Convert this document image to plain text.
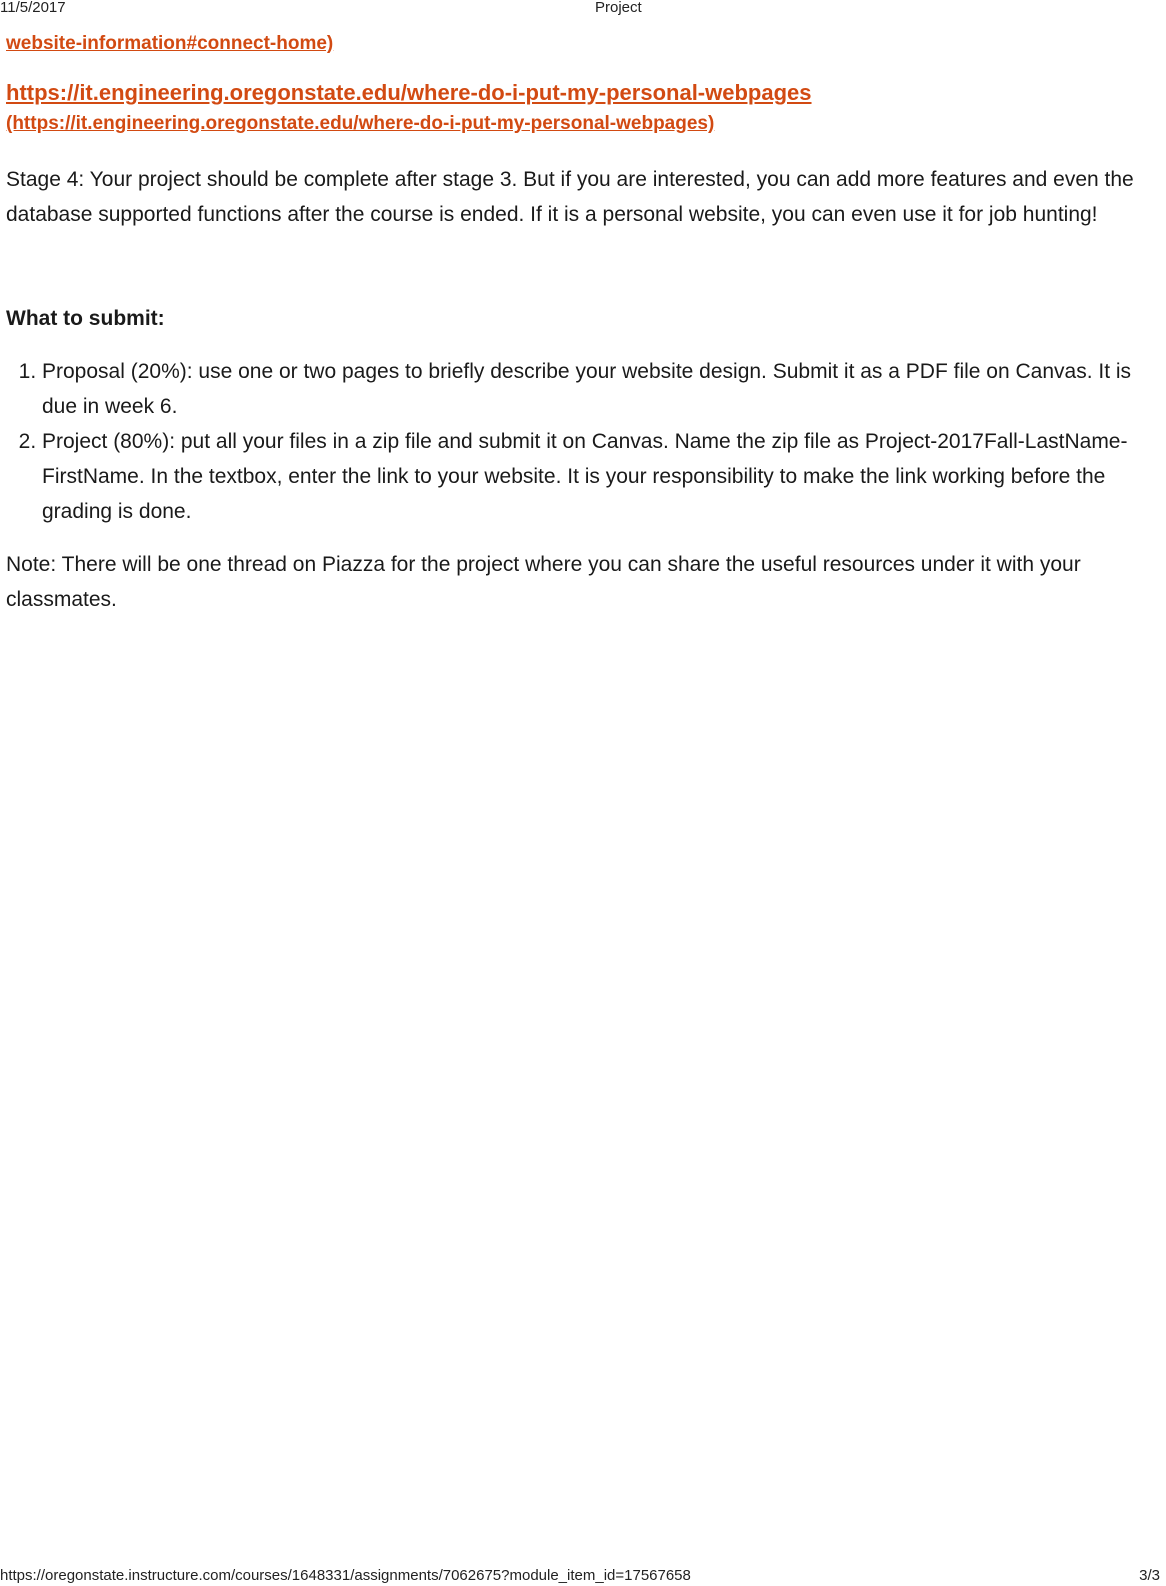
11/5/2017	Project
website-information#connect-home)
https://it.engineering.oregonstate.edu/where-do-i-put-my-personal-webpages
(https://it.engineering.oregonstate.edu/where-do-i-put-my-personal-webpages)

Stage 4: Your project should be complete after stage 3. But if you are interested, you can add more features and even the database supported functions after the course is ended. If it is a personal website, you can even use it for job hunting!

What to submit:

1. Proposal (20%): use one or two pages to briefly describe your website design. Submit it as a PDF file on Canvas. It is due in week 6.
2. Project (80%): put all your files in a zip file and submit it on Canvas. Name the zip file as Project-2017Fall-LastName-FirstName. In the textbox, enter the link to your website. It is your responsibility to make the link working before the grading is done.

Note: There will be one thread on Piazza for the project where you can share the useful resources under it with your classmates.

https://oregonstate.instructure.com/courses/1648331/assignments/7062675?module_item_id=17567658	3/3
